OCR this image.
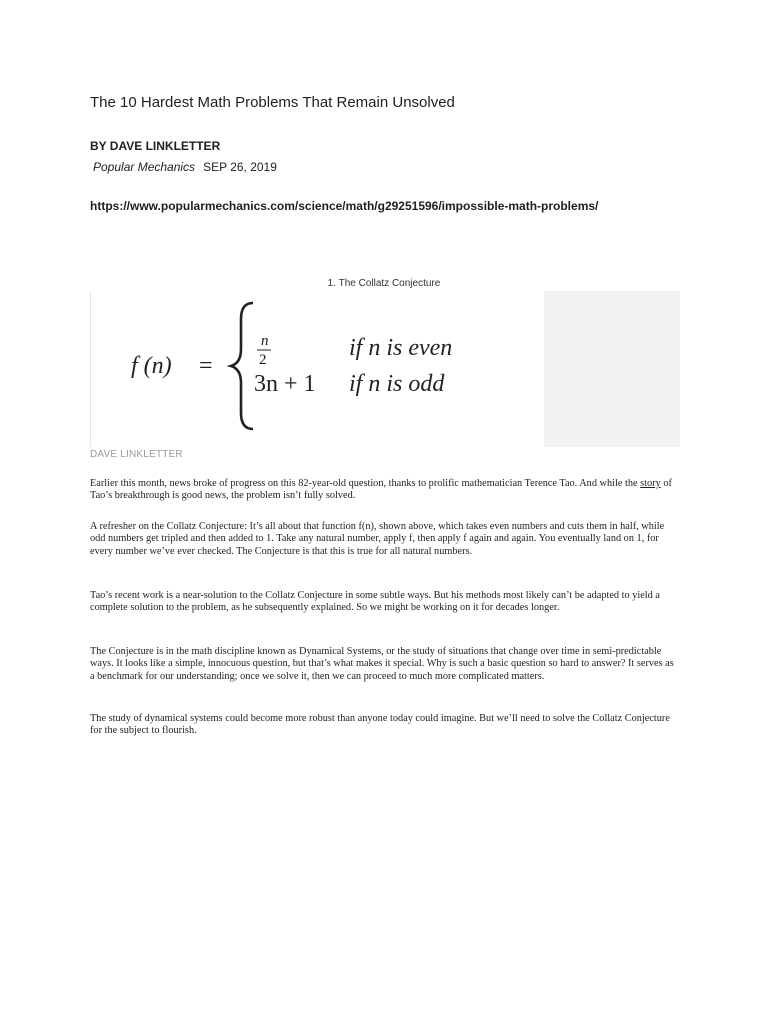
The 10 Hardest Math Problems That Remain Unsolved
BY DAVE LINKLETTER
Popular Mechanics SEP 26, 2019
https://www.popularmechanics.com/science/math/g29251596/impossible-math-problems/
1. The Collatz Conjecture
f (n) =
n
2	if n is even
3n + 1 if n is odd
DAVE LINKLETTER

Earlier this month, news broke of progress on this 82-year-old question, thanks to prolific mathematician Terence Tao. And while the story of Tao’s breakthrough is good news, the problem isn’t fully solved.

A refresher on the Collatz Conjecture: It’s all about that function f(n), shown above, which takes even numbers and cuts them in half, while odd numbers get tripled and then added to 1. Take any natural number, apply f, then apply f again and again. You eventually land on 1, for every number we’ve ever checked. The Conjecture is that this is true for all natural numbers.

Tao’s recent work is a near-solution to the Collatz Conjecture in some subtle ways. But his methods most likely can’t be adapted to yield a complete solution to the problem, as he subsequently explained. So we might be working on it for decades longer.

The Conjecture is in the math discipline known as Dynamical Systems, or the study of situations that change over time in semi-predictable ways. It looks like a simple, innocuous question, but that’s what makes it special. Why is such a basic question so hard to answer? It serves as a benchmark for our understanding; once we solve it, then we can proceed to much more complicated matters.

The study of dynamical systems could become more robust than anyone today could imagine. But we’ll need to solve the Collatz Conjecture for the subject to flourish.
